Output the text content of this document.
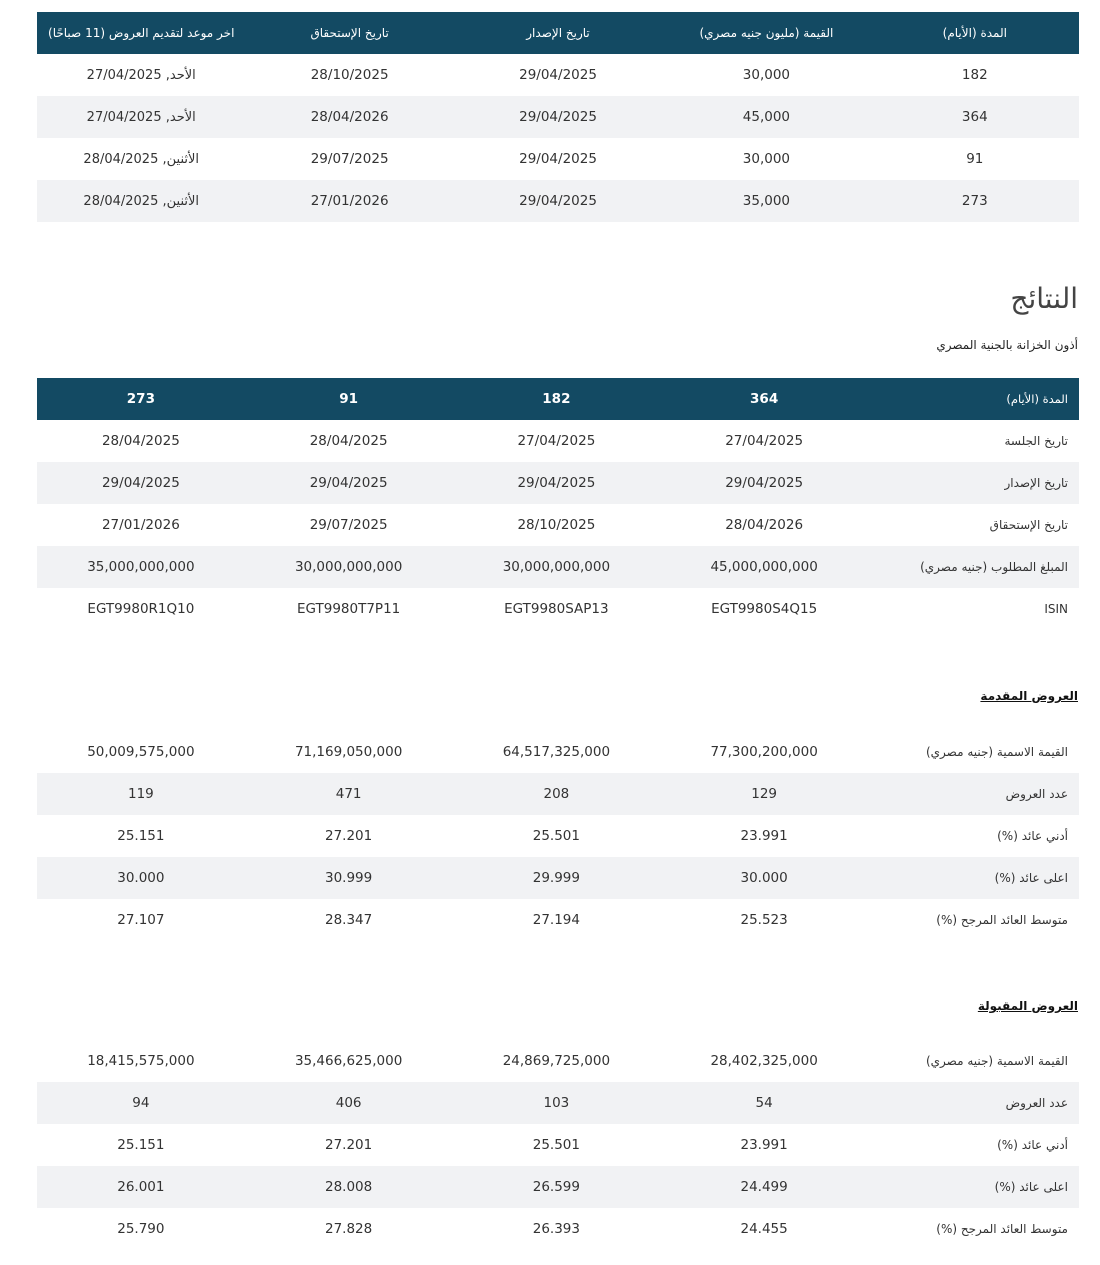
المدة (الأيام)	القيمة (مليون جنيه مصري)	تاريخ الإصدار	تاريخ الإستحقاق	اخر موعد لتقديم العروض (11 صباحًا)
182	30,000	29/04/2025	28/10/2025	الأحد, 27/04/2025
364	45,000	29/04/2025	28/04/2026	الأحد, 27/04/2025
91	30,000	29/04/2025	29/07/2025	الأثنين, 28/04/2025
273	35,000	29/04/2025	27/01/2026	الأثنين, 28/04/2025
النتائج
أذون الخزانة بالجنية المصري
المدة (الأيام)	364	182	91	273
تاريخ الجلسة	27/04/2025	27/04/2025	28/04/2025	28/04/2025
تاريخ الإصدار	29/04/2025	29/04/2025	29/04/2025	29/04/2025
تاريخ الإستحقاق	28/04/2026	28/10/2025	29/07/2025	27/01/2026
المبلغ المطلوب (جنيه مصري)	45,000,000,000	30,000,000,000	30,000,000,000	35,000,000,000
ISIN	EGT9980S4Q15	EGT9980SAP13	EGT9980T7P11	EGT9980R1Q10
العروض المقدمة
القيمة الاسمية (جنيه مصري)	77,300,200,000	64,517,325,000	71,169,050,000	50,009,575,000
عدد العروض	129	208	471	119
أدني عائد (%)	23.991	25.501	27.201	25.151
اعلى عائد (%)	30.000	29.999	30.999	30.000
متوسط العائد المرجح (%)	25.523	27.194	28.347	27.107
العروض المقبولة
القيمة الاسمية (جنيه مصري)	28,402,325,000	24,869,725,000	35,466,625,000	18,415,575,000
عدد العروض	54	103	406	94
أدني عائد (%)	23.991	25.501	27.201	25.151
اعلى عائد (%)	24.499	26.599	28.008	26.001
متوسط العائد المرجح (%)	24.455	26.393	27.828	25.790
